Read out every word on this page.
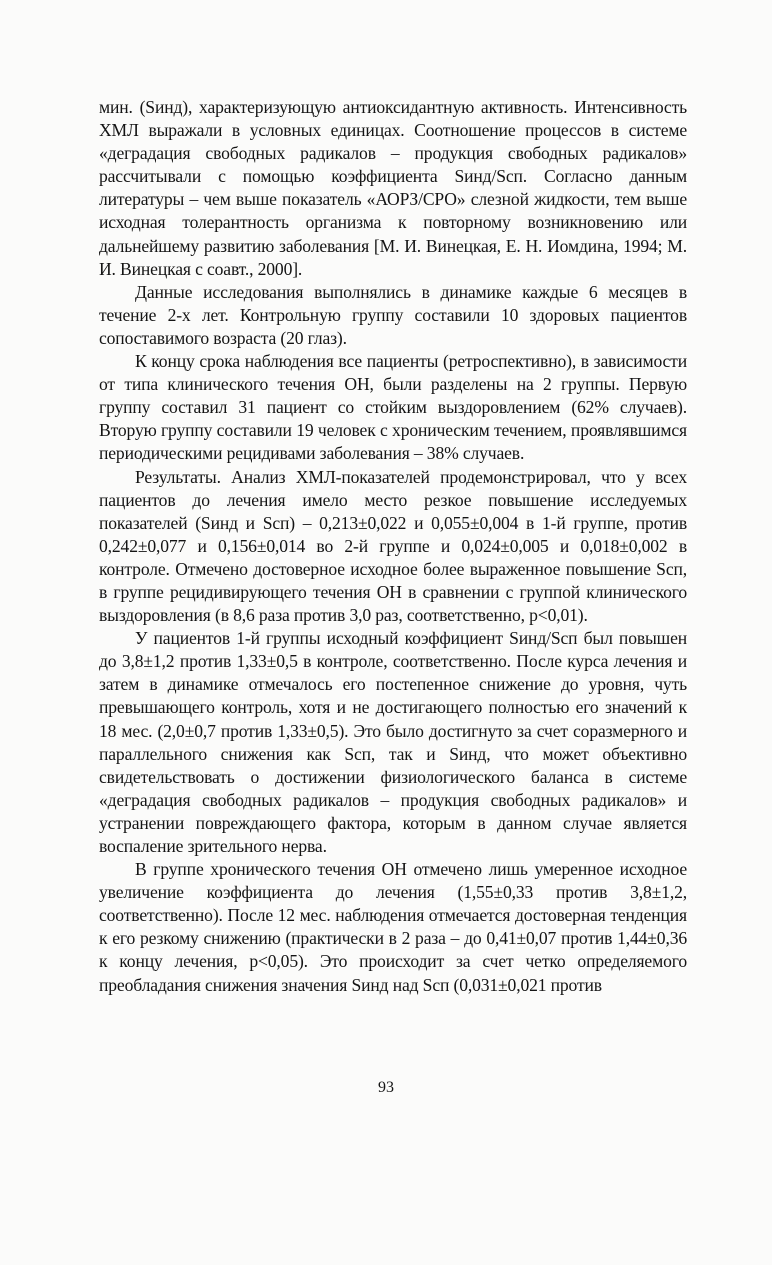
мин. (Sинд), характеризующую антиоксидантную активность. Интенсивность ХМЛ выражали в условных единицах. Соотношение процессов в системе «деградация свободных радикалов – продукция свободных радикалов» рассчитывали с помощью коэффициента Sинд/Sсп. Согласно данным литературы – чем выше показатель «АОРЗ/СРО» слезной жидкости, тем выше исходная толерантность организма к повторному возникновению или дальнейшему развитию заболевания [М. И. Винецкая, Е. Н. Иомдина, 1994; М. И. Винецкая с соавт., 2000].

Данные исследования выполнялись в динамике каждые 6 месяцев в течение 2-х лет. Контрольную группу составили 10 здоровых пациентов сопоставимого возраста (20 глаз).

К концу срока наблюдения все пациенты (ретроспективно), в зависимости от типа клинического течения ОН, были разделены на 2 группы. Первую группу составил 31 пациент со стойким выздоровлением (62% случаев). Вторую группу составили 19 человек с хроническим течением, проявлявшимся периодическими рецидивами заболевания – 38% случаев.

Результаты. Анализ ХМЛ-показателей продемонстрировал, что у всех пациентов до лечения имело место резкое повышение исследуемых показателей (Sинд и Sсп) – 0,213±0,022 и 0,055±0,004 в 1-й группе, против 0,242±0,077 и 0,156±0,014 во 2-й группе и 0,024±0,005 и 0,018±0,002 в контроле. Отмечено достоверное исходное более выраженное повышение Sсп, в группе рецидивирующего течения ОН в сравнении с группой клинического выздоровления (в 8,6 раза против 3,0 раз, соответственно, p<0,01).

У пациентов 1-й группы исходный коэффициент Sинд/Sсп был повышен до 3,8±1,2 против 1,33±0,5 в контроле, соответственно. После курса лечения и затем в динамике отмечалось его постепенное снижение до уровня, чуть превышающего контроль, хотя и не достигающего полностью его значений к 18 мес. (2,0±0,7 против 1,33±0,5). Это было достигнуто за счет соразмерного и параллельного снижения как Sсп, так и Sинд, что может объективно свидетельствовать о достижении физиологического баланса в системе «деградация свободных радикалов – продукция свободных радикалов» и устранении повреждающего фактора, которым в данном случае является воспаление зрительного нерва.

В группе хронического течения ОН отмечено лишь умеренное исходное увеличение коэффициента до лечения (1,55±0,33 против 3,8±1,2, соответственно). После 12 мес. наблюдения отмечается достоверная тенденция к его резкому снижению (практически в 2 раза – до 0,41±0,07 против 1,44±0,36 к концу лечения, p<0,05). Это происходит за счет четко определяемого преобладания снижения значения Sинд над Sсп (0,031±0,021 против

93
